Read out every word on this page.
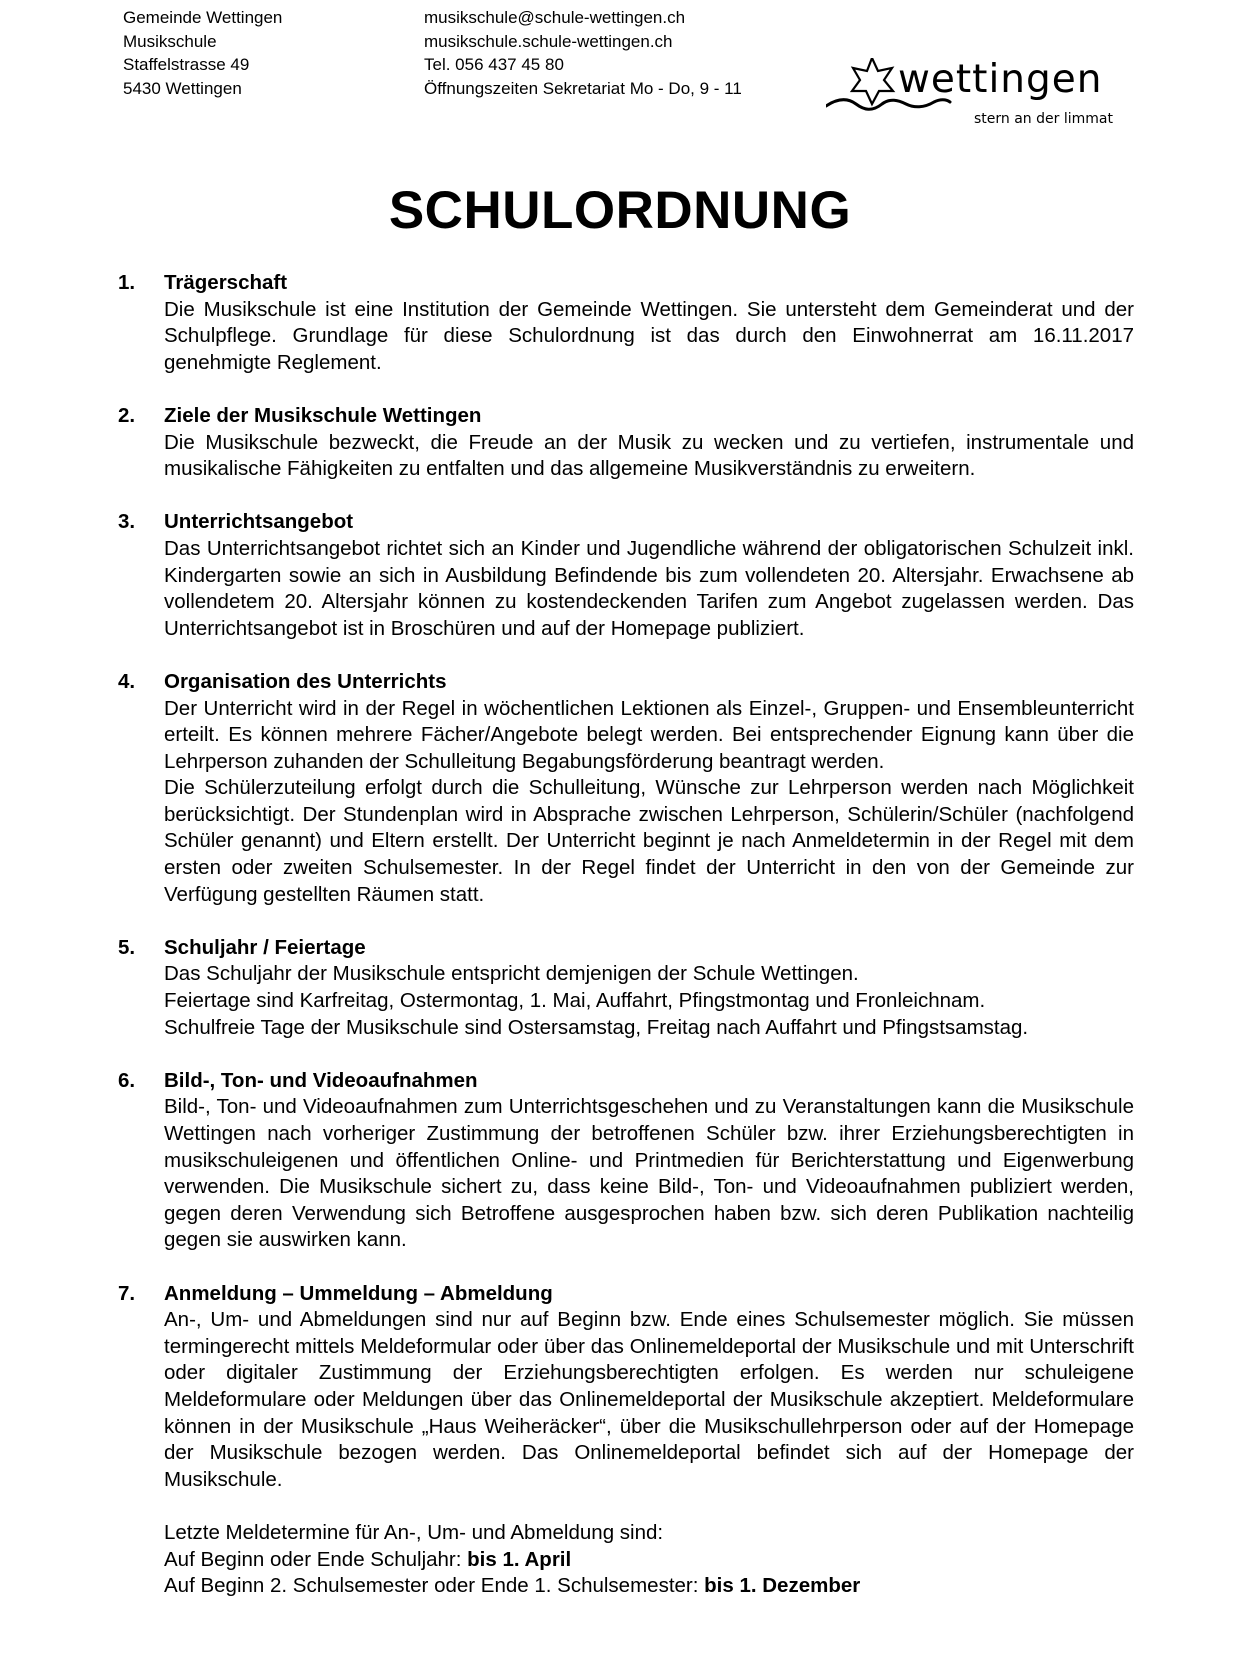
Gemeinde Wettingen
Musikschule
Staffelstrasse 49
5430 Wettingen
musikschule@schule-wettingen.ch
musikschule.schule-wettingen.ch
Tel. 056 437 45 80
Öffnungszeiten Sekretariat Mo - Do, 9 - 11	wettingen
stern an der limmat
SCHULORDNUNG
1. Trägerschaft

Die Musikschule ist eine Institution der Gemeinde Wettingen. Sie untersteht dem Gemeinderat und der Schulpflege. Grundlage für diese Schulordnung ist das durch den Einwohnerrat am 16.11.2017 genehmigte Reglement.

2. Ziele der Musikschule Wettingen

Die Musikschule bezweckt, die Freude an der Musik zu wecken und zu vertiefen, instrumentale und musikalische Fähigkeiten zu entfalten und das allgemeine Musikverständnis zu erweitern.

3. Unterrichtsangebot

Das Unterrichtsangebot richtet sich an Kinder und Jugendliche während der obligatorischen Schulzeit inkl. Kindergarten sowie an sich in Ausbildung Befindende bis zum vollendeten 20. Altersjahr. Erwachsene ab vollendetem 20. Altersjahr können zu kostendeckenden Tarifen zum Angebot zugelassen werden. Das Unterrichtsangebot ist in Broschüren und auf der Homepage publiziert.

4. Organisation des Unterrichts

Der Unterricht wird in der Regel in wöchentlichen Lektionen als Einzel-, Gruppen- und Ensembleunterricht erteilt. Es können mehrere Fächer/Angebote belegt werden. Bei entsprechender Eignung kann über die Lehrperson zuhanden der Schulleitung Begabungsförderung beantragt werden.

Die Schülerzuteilung erfolgt durch die Schulleitung, Wünsche zur Lehrperson werden nach Möglichkeit berücksichtigt. Der Stundenplan wird in Absprache zwischen Lehrperson, Schülerin/Schüler (nachfolgend Schüler genannt) und Eltern erstellt. Der Unterricht beginnt je nach Anmeldetermin in der Regel mit dem ersten oder zweiten Schulsemester. In der Regel findet der Unterricht in den von der Gemeinde zur Verfügung gestellten Räumen statt.

5. Schuljahr / Feiertage

Das Schuljahr der Musikschule entspricht demjenigen der Schule Wettingen.

Feiertage sind Karfreitag, Ostermontag, 1. Mai, Auffahrt, Pfingstmontag und Fronleichnam.

Schulfreie Tage der Musikschule sind Ostersamstag, Freitag nach Auffahrt und Pfingstsamstag.

6. Bild-, Ton- und Videoaufnahmen

Bild-, Ton- und Videoaufnahmen zum Unterrichtsgeschehen und zu Veranstaltungen kann die Musikschule Wettingen nach vorheriger Zustimmung der betroffenen Schüler bzw. ihrer Erziehungsberechtigten in musikschuleigenen und öffentlichen Online- und Printmedien für Berichterstattung und Eigenwerbung verwenden. Die Musikschule sichert zu, dass keine Bild-, Ton- und Videoaufnahmen publiziert werden, gegen deren Verwendung sich Betroffene ausgesprochen haben bzw. sich deren Publikation nachteilig gegen sie auswirken kann.

7. Anmeldung – Ummeldung – Abmeldung

An-, Um- und Abmeldungen sind nur auf Beginn bzw. Ende eines Schulsemester möglich. Sie müssen termingerecht mittels Meldeformular oder über das Onlinemeldeportal der Musikschule und mit Unterschrift oder digitaler Zustimmung der Erziehungsberechtigten erfolgen. Es werden nur schuleigene Meldeformulare oder Meldungen über das Onlinemeldeportal der Musikschule akzeptiert. Meldeformulare können in der Musikschule „Haus Weiheräcker“, über die Musikschullehrperson oder auf der Homepage der Musikschule bezogen werden. Das Onlinemeldeportal befindet sich auf der Homepage der Musikschule.

Letzte Meldetermine für An-, Um- und Abmeldung sind:

Auf Beginn oder Ende Schuljahr: bis 1. April

Auf Beginn 2. Schulsemester oder Ende 1. Schulsemester: bis 1. Dezember
